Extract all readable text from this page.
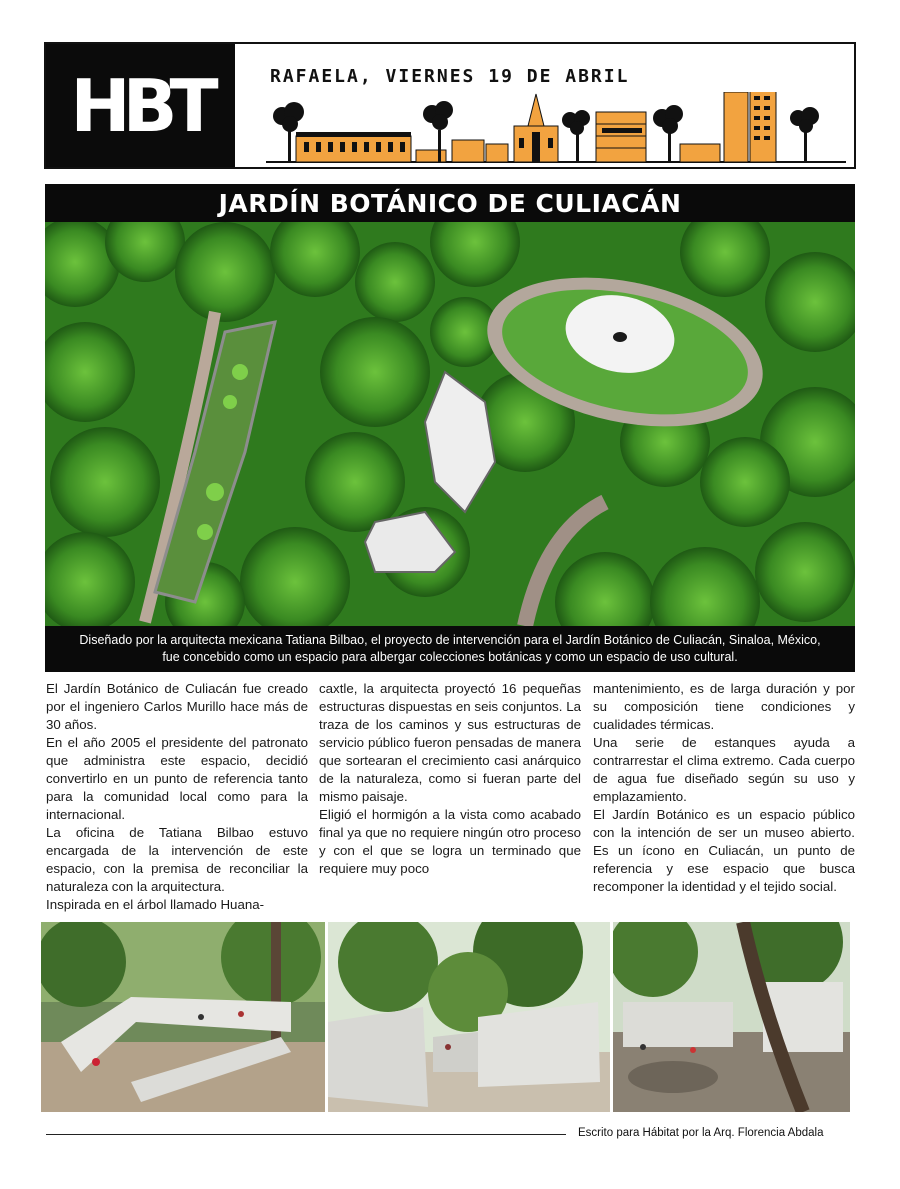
HBT	RAFAELA, VIERNES 19 DE ABRIL
JARDÍN BOTÁNICO DE CULIACÁN
Diseñado por la arquitecta mexicana Tatiana Bilbao, el proyecto de intervención para el Jardín Botánico de Culiacán, Sinaloa, México, fue concebido como un espacio para albergar colecciones botánicas y como un espacio de uso cultural.

El Jardín Botánico de Culiacán fue creado por el ingeniero Carlos Murillo hace más de 30 años.

En el año 2005 el presidente del patronato que administra este espacio, decidió convertirlo en un punto de referencia tanto para la comunidad local como para la internacional.

La oficina de Tatiana Bilbao estuvo encargada de la intervención de este espacio, con la premisa de reconciliar la naturaleza con la arquitectura.

Inspirada en el árbol llamado Huana-

caxtle, la arquitecta proyectó 16 pequeñas estructuras dispuestas en seis conjuntos. La traza de los caminos y sus estructuras de servicio público fueron pensadas de manera que sortearan el crecimiento casi anárquico de la naturaleza, como si fueran parte del mismo paisaje.

Eligió el hormigón a la vista como acabado final ya que no requiere ningún otro proceso y con el que se logra un terminado que requiere muy poco

mantenimiento, es de larga duración y por su composición tiene condiciones y cualidades térmicas.

Una serie de estanques ayuda a contrarrestar el clima extremo. Cada cuerpo de agua fue diseñado según su uso y emplazamiento.

El Jardín Botánico es un espacio público con la intención de ser un museo abierto. Es un ícono en Culiacán, un punto de referencia y ese espacio que busca recomponer la identidad y el tejido social.

Escrito para Hábitat por la Arq. Florencia Abdala
